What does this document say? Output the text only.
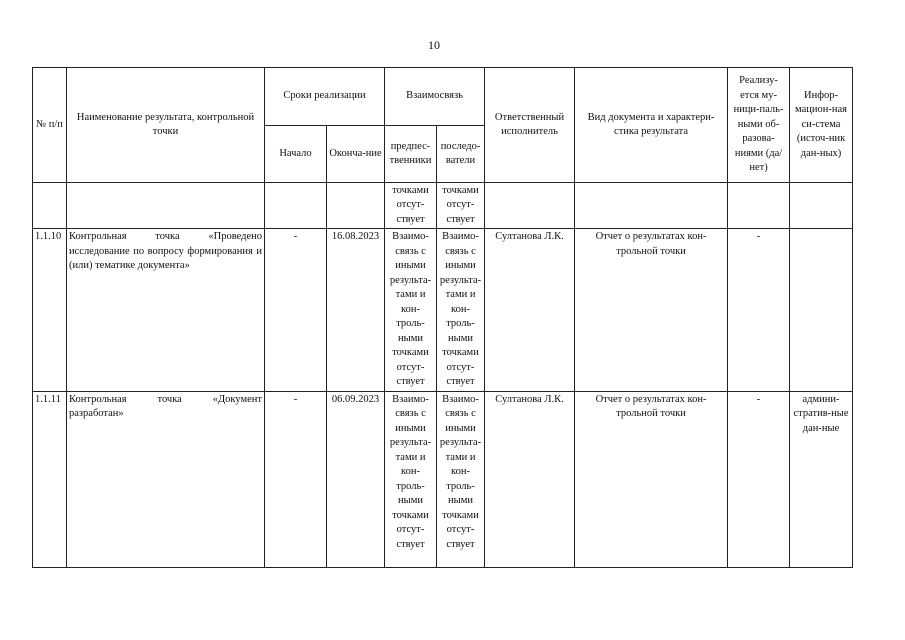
10
№ п/п	Наименование результата, контрольной точки	Сроки реализации		Взаимосвязь		Ответственный исполнитель	Вид документа и характери-стика результата	Реализу-ется му-ници-паль-ными об-разова-ниями (да/нет)	Инфор-мацион-ная си-стема (источ-ник дан-ных)
		Начало	Оконча-ние	предпес-твенники	последо-ватели				
				точками отсут-ствует	точками отсут-ствует				
1.1.10	Контрольная точка «Проведено исследование по вопросу формирования и (или) тематике документа»	-	16.08.2023	Взаимо-связь с иными результа-тами и кон-троль-ными точками отсут-ствует	Взаимо-связь с иными результа-тами и кон-троль-ными точками отсут-ствует	Султанова Л.К.	Отчет о результатах кон-трольной точки	-	
1.1.11	Контрольная точка «Документ разработан»	-	06.09.2023	Взаимо-связь с иными результа-тами и кон-троль-ными точками отсут-ствует	Взаимо-связь с иными результа-тами и кон-троль-ными точками отсут-ствует	Султанова Л.К.	Отчет о результатах кон-трольной точки	-	админи-стратив-ные дан-ные
